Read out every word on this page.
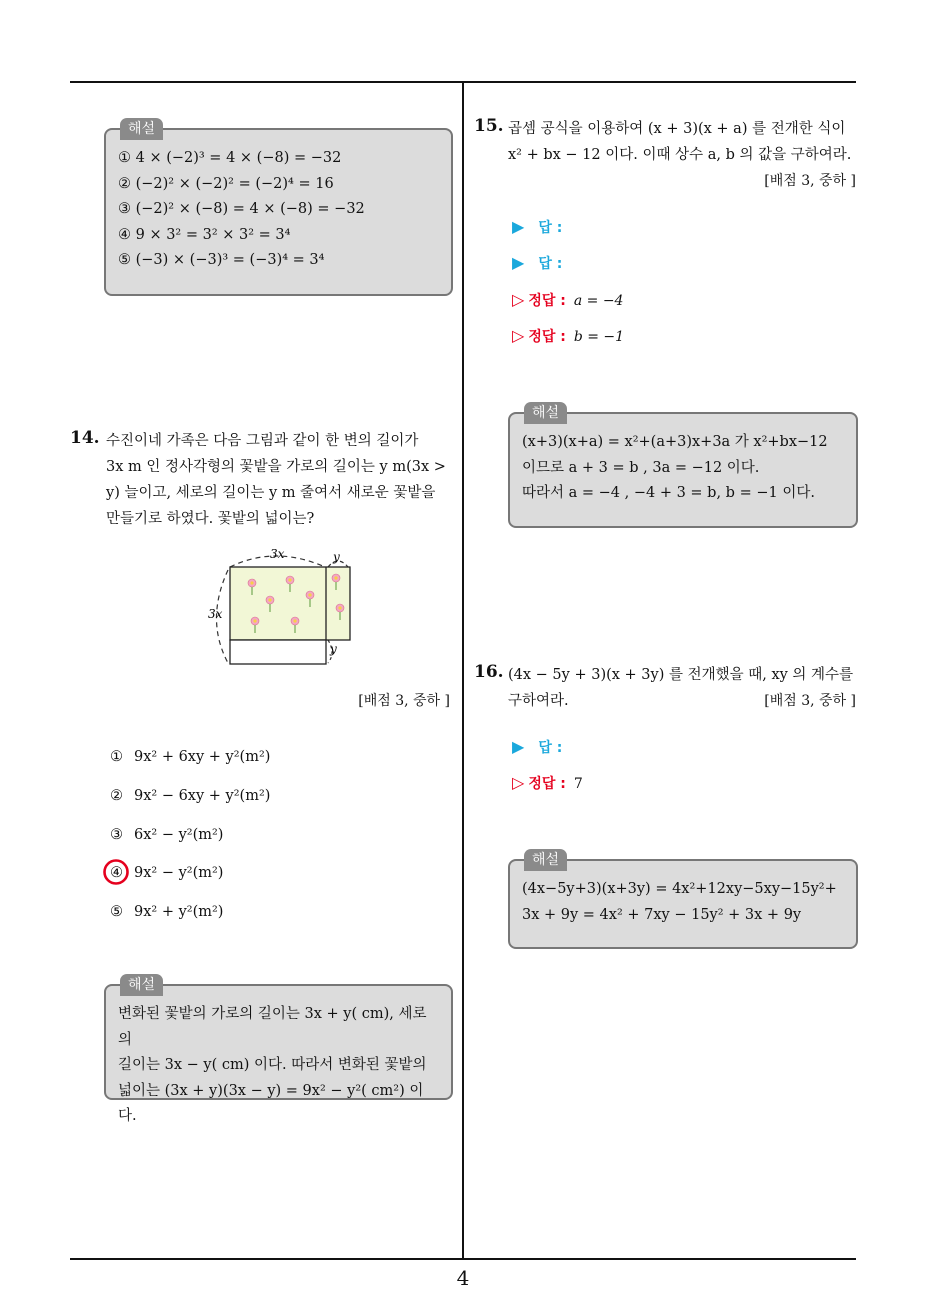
해설
① 4 × (−2)³ = 4 × (−8) = −32
② (−2)² × (−2)² = (−2)⁴ = 16
③ (−2)² × (−8) = 4 × (−8) = −32
④ 9 × 3² = 3² × 3² = 3⁴
⑤ (−3) × (−3)³ = (−3)⁴ = 3⁴
14. 수진이네 가족은 다음 그림과 같이 한 변의 길이가
3x m 인 정사각형의 꽃밭을 가로의 길이는 y m(3x >
y) 늘이고, 세로의 길이는 y m 줄여서 새로운 꽃밭을
만들기로 하였다. 꽃밭의 넓이는?
3x	y
3x
y
[배점 3, 중하 ]
① 9x² + 6xy + y²(m²)
② 9x² − 6xy + y²(m²)
③ 6x² − y²(m²)
④ 9x² − y²(m²)
⑤ 9x² + y²(m²)
해설
변화된 꽃밭의 가로의 길이는 3x + y( cm), 세로의
길이는 3x − y( cm) 이다. 따라서 변화된 꽃밭의
넓이는 (3x + y)(3x − y) = 9x² − y²( cm²) 이다.
15. 곱셈 공식을 이용하여 (x + 3)(x + a) 를 전개한 식이
x² + bx − 12 이다. 이때 상수 a, b 의 값을 구하여라.
[배점 3, 중하 ]
▶ 답 :
▶ 답 :
▷ 정답 : a = −4
▷ 정답 : b = −1
해설
(x+3)(x+a) = x²+(a+3)x+3a 가 x²+bx−12
이므로 a + 3 = b , 3a = −12 이다.
따라서 a = −4 , −4 + 3 = b, b = −1 이다.
16. (4x − 5y + 3)(x + 3y) 를 전개했을 때, xy 의 계수를
구하여라.	[배점 3, 중하 ]
▶ 답 :
▷ 정답 : 7
해설
(4x−5y+3)(x+3y) = 4x²+12xy−5xy−15y²+
3x + 9y = 4x² + 7xy − 15y² + 3x + 9y
4
